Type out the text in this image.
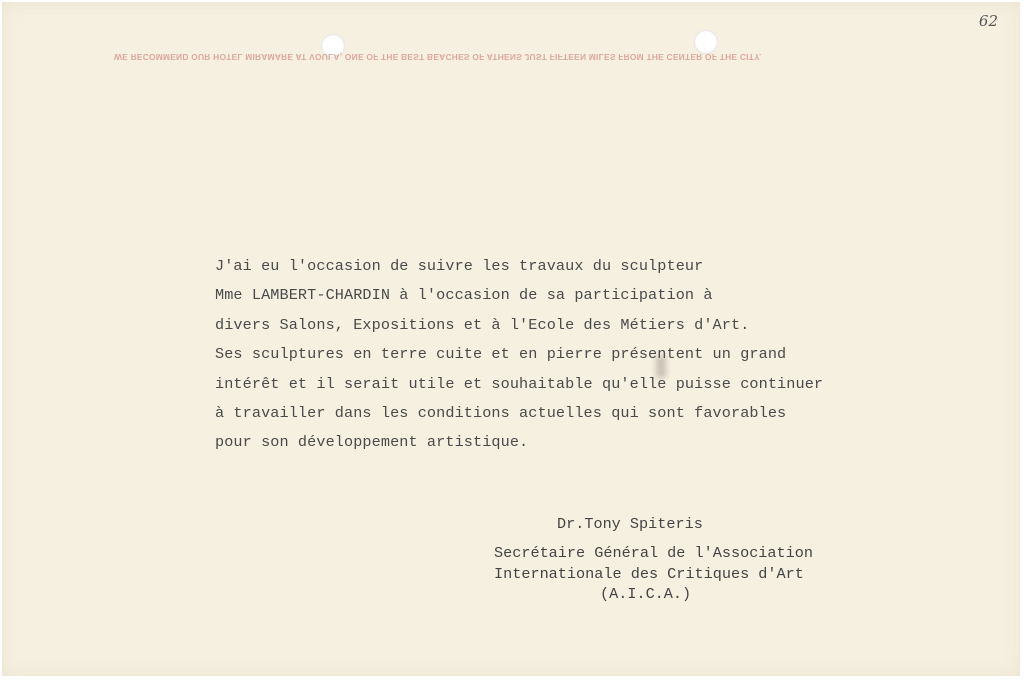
62
WE RECOMMEND OUR HOTEL MIRAMARE AT VOULA, ONE OF THE BEST BEACHES OF ATHENS JUST FIFTEEN MILES FROM THE CENTER OF THE CITY.
J'ai eu l'occasion de suivre les travaux du sculpteur
Mme LAMBERT-CHARDIN à l'occasion de sa participation à
divers Salons, Expositions et à l'Ecole des Métiers d'Art.
Ses sculptures en terre cuite et en pierre présentent un grand
intérêt et il serait utile et souhaitable qu'elle puisse continuer
à travailler dans les conditions actuelles qui sont favorables
pour son développement artistique.
Dr.Tony Spiteris
Secrétaire Général de l'Association
Internationale des Critiques d'Art
(A.I.C.A.)
